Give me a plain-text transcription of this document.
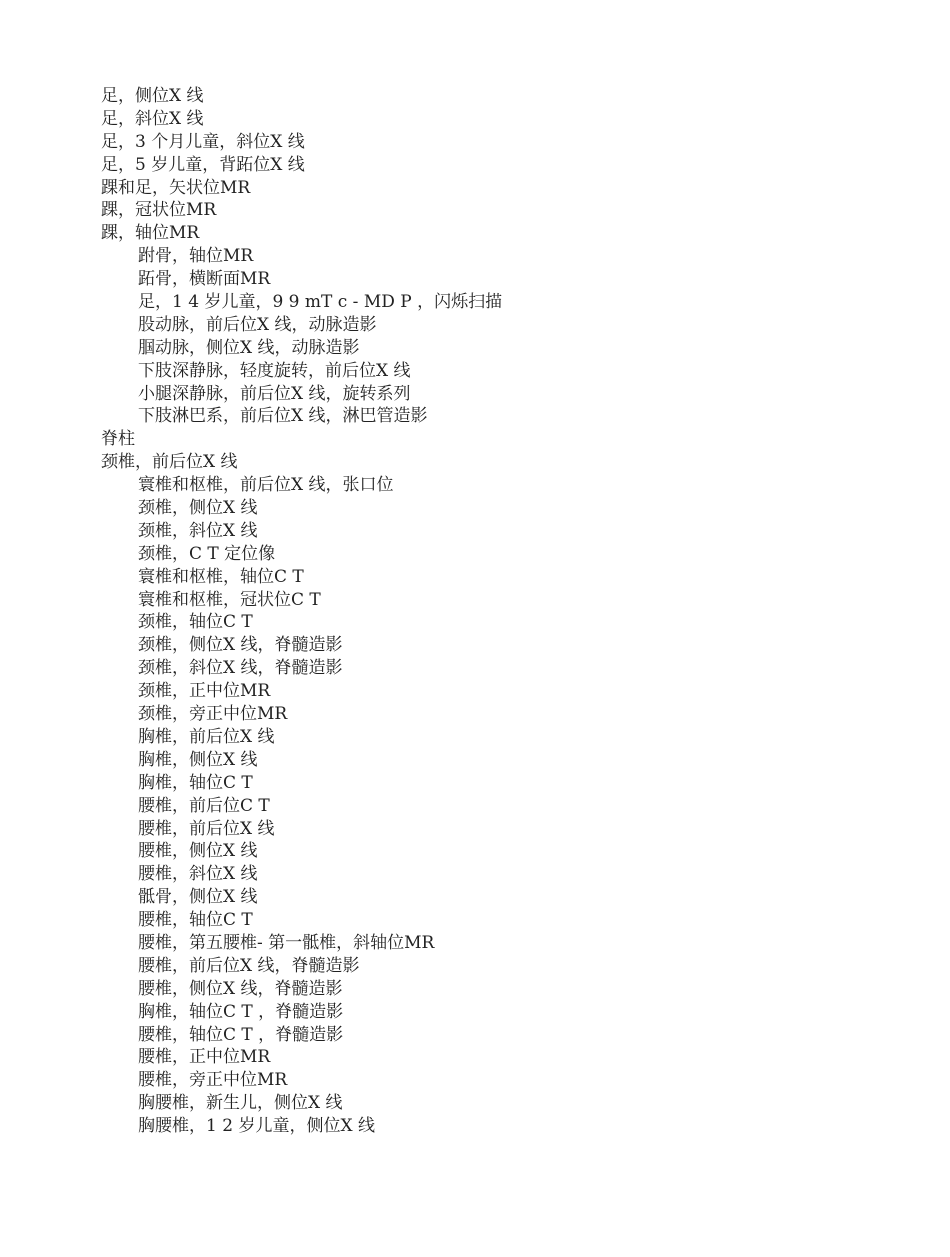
足，侧位X 线
足，斜位X 线
足，3 个月儿童，斜位X 线
足，5 岁儿童，背跖位X 线
踝和足，矢状位MR
踝，冠状位MR
踝，轴位MR
跗骨，轴位MR
跖骨，横断面MR
足，1 4 岁儿童，9 9 mT c - MD P ，闪烁扫描
股动脉，前后位X 线，动脉造影
腘动脉，侧位X 线，动脉造影
下肢深静脉，轻度旋转，前后位X 线
小腿深静脉，前后位X 线，旋转系列
下肢淋巴系，前后位X 线，淋巴管造影
脊柱
颈椎，前后位X 线
寰椎和枢椎，前后位X 线，张口位
颈椎，侧位X 线
颈椎，斜位X 线
颈椎，C T 定位像
寰椎和枢椎，轴位C T
寰椎和枢椎，冠状位C T
颈椎，轴位C T
颈椎，侧位X 线，脊髓造影
颈椎，斜位X 线，脊髓造影
颈椎，正中位MR
颈椎，旁正中位MR
胸椎，前后位X 线
胸椎，侧位X 线
胸椎，轴位C T
腰椎，前后位C T
腰椎，前后位X 线
腰椎，侧位X 线
腰椎，斜位X 线
骶骨，侧位X 线
腰椎，轴位C T
腰椎，第五腰椎- 第一骶椎，斜轴位MR
腰椎，前后位X 线，脊髓造影
腰椎，侧位X 线，脊髓造影
胸椎，轴位C T ，脊髓造影
腰椎，轴位C T ，脊髓造影
腰椎，正中位MR
腰椎，旁正中位MR
胸腰椎，新生儿，侧位X 线
胸腰椎，1 2 岁儿童，侧位X 线
